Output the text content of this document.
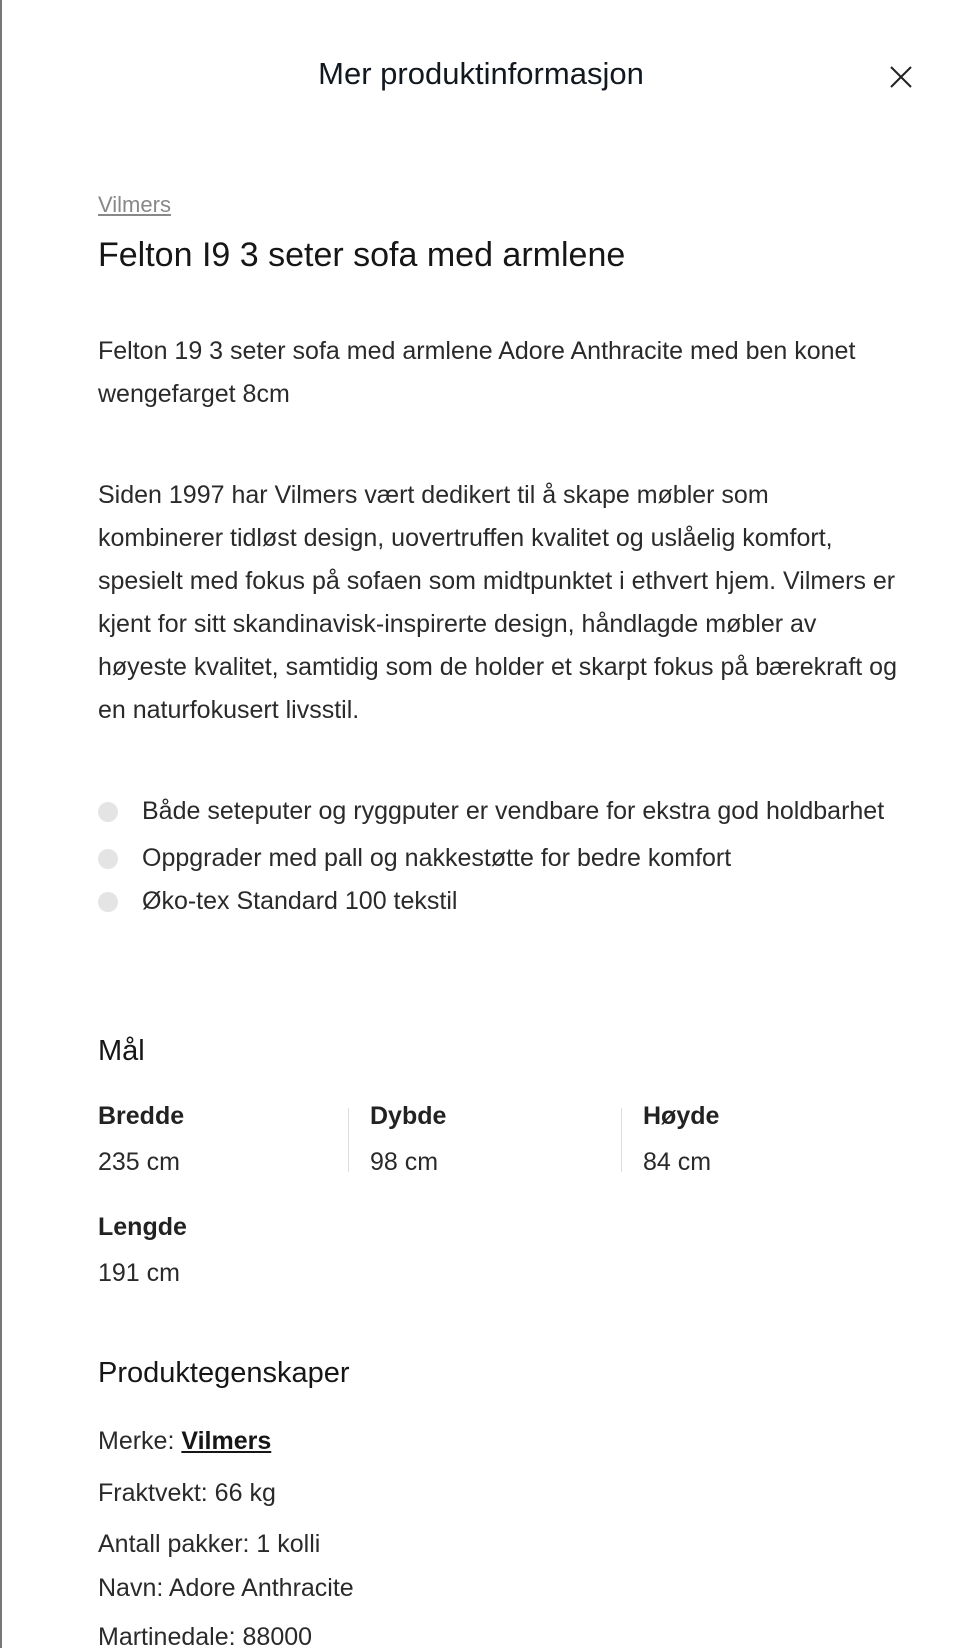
Mer produktinformasjon
Vilmers
Felton I9 3 seter sofa med armlene

Felton 19 3 seter sofa med armlene Adore Anthracite med ben konet wengefarget 8cm

Siden 1997 har Vilmers vært dedikert til å skape møbler som kombinerer tidløst design, uovertruffen kvalitet og uslåelig komfort, spesielt med fokus på sofaen som midtpunktet i ethvert hjem. Vilmers er kjent for sitt skandinavisk-inspirerte design, håndlagde møbler av høyeste kvalitet, samtidig som de holder et skarpt fokus på bærekraft og en naturfokusert livsstil.

Både seteputer og ryggputer er vendbare for ekstra god holdbarhet
Oppgrader med pall og nakkestøtte for bedre komfort
Øko-tex Standard 100 tekstil
Mål
Bredde
235 cm
Dybde
98 cm
Høyde
84 cm
Lengde
191 cm
Produktegenskaper
Merke: Vilmers
Fraktvekt: 66 kg
Antall pakker: 1 kolli
Navn: Adore Anthracite
Martinedale: 88000
